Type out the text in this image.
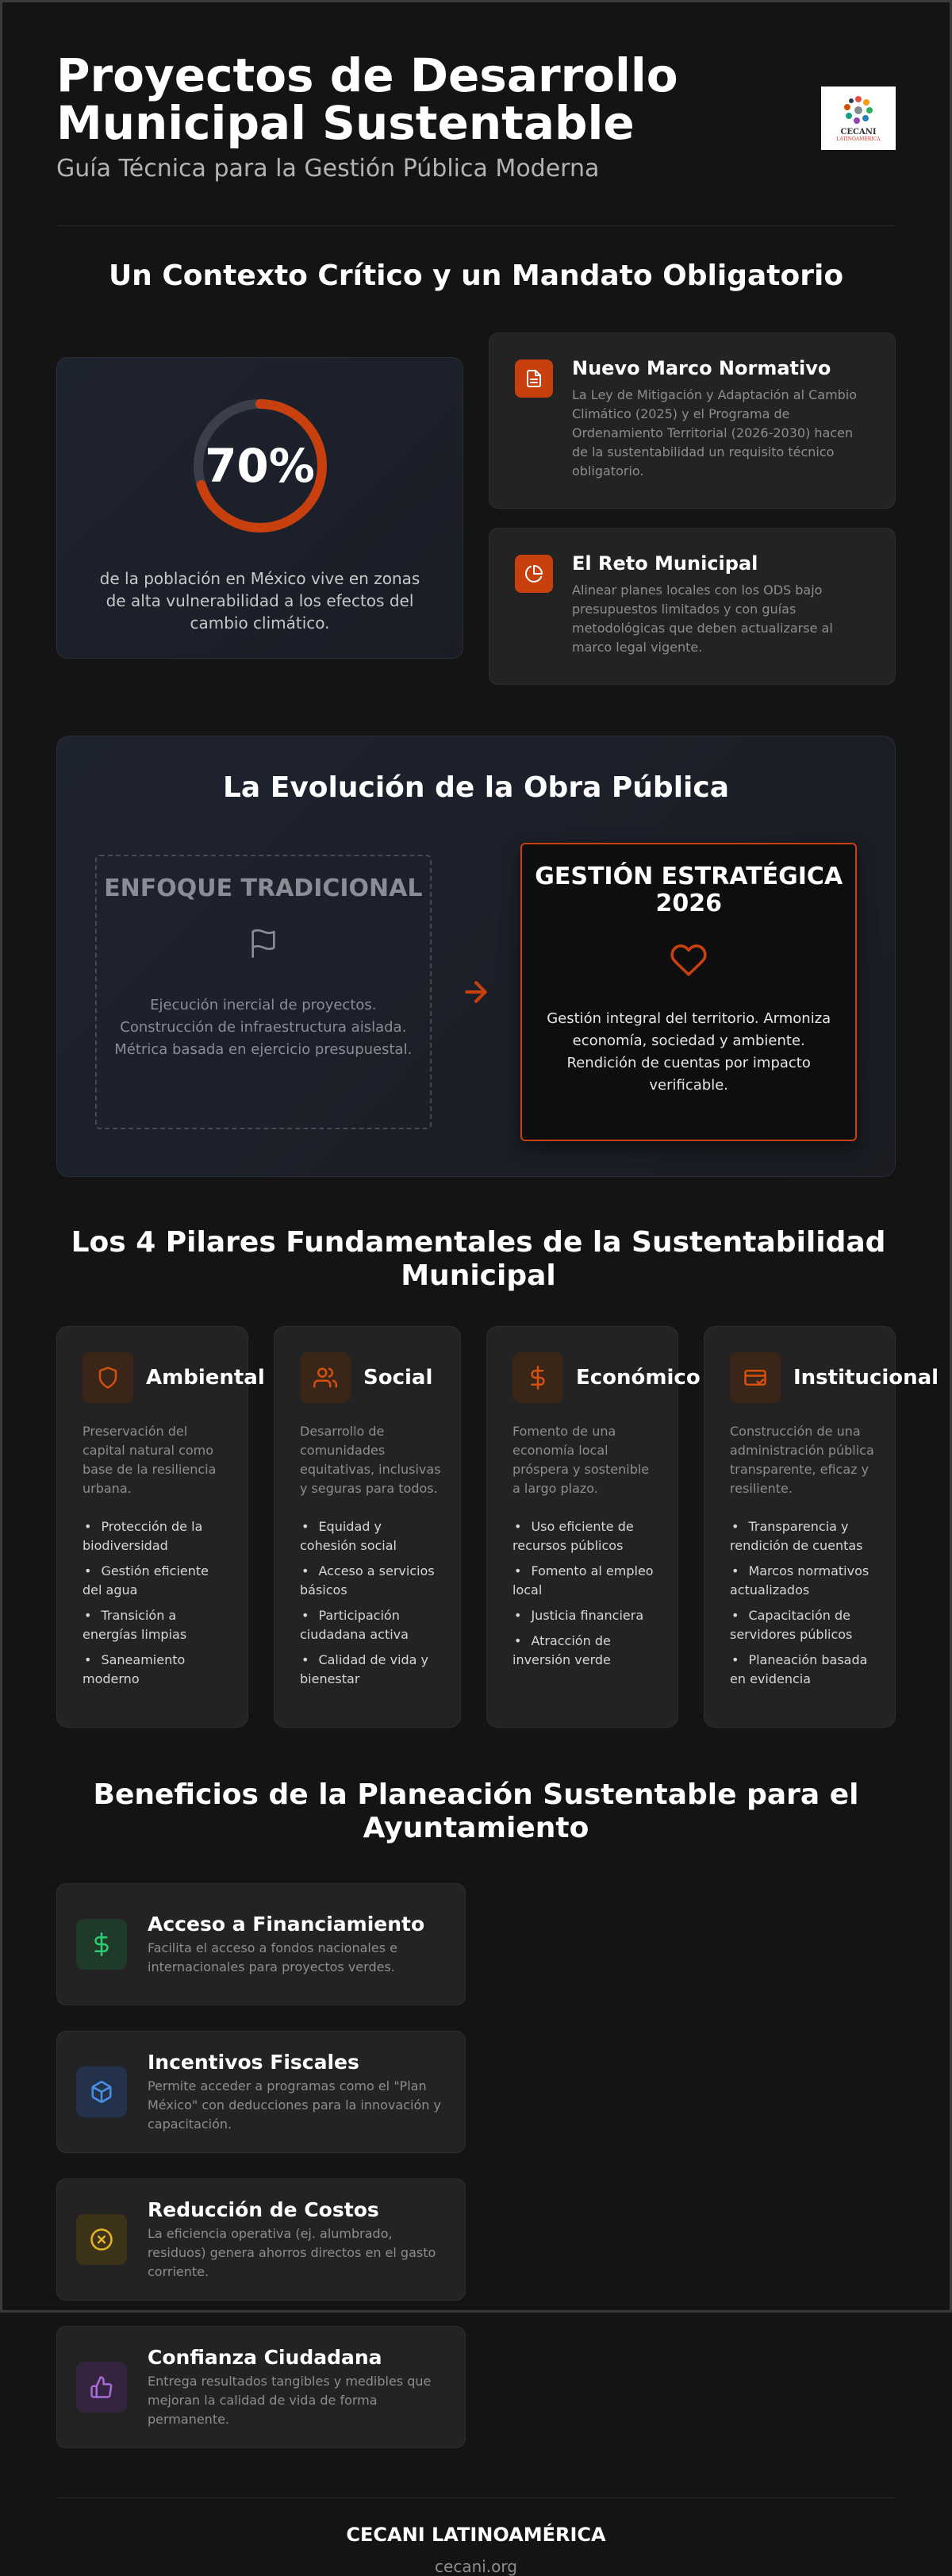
Proyectos de Desarrollo Municipal Sustentable
Guía Técnica para la Gestión Pública Moderna
CECANI
LATINOAMÉRICA
Un Contexto Crítico y un Mandato Obligatorio
70%
de la población en México vive en zonas de alta vulnerabilidad a los efectos del cambio climático.
Nuevo Marco Normativo
La Ley de Mitigación y Adaptación al Cambio Climático (2025) y el Programa de Ordenamiento Territorial (2026-2030) hacen de la sustentabilidad un requisito técnico obligatorio.
El Reto Municipal
Alinear planes locales con los ODS bajo presupuestos limitados y con guías metodológicas que deben actualizarse al marco legal vigente.
La Evolución de la Obra Pública
ENFOQUE TRADICIONAL
Ejecución inercial de proyectos. Construcción de infraestructura aislada. Métrica basada en ejercicio presupuestal.
GESTIÓN ESTRATÉGICA 2026
Gestión integral del territorio. Armoniza economía, sociedad y ambiente. Rendición de cuentas por impacto verificable.
Los 4 Pilares Fundamentales de la Sustentabilidad Municipal
Ambiental
Preservación del capital natural como base de la resiliencia urbana.
• Protección de la biodiversidad
• Gestión eficiente del agua
• Transición a energías limpias
• Saneamiento moderno
Social
Desarrollo de comunidades equitativas, inclusivas y seguras para todos.
• Equidad y cohesión social
• Acceso a servicios básicos
• Participación ciudadana activa
• Calidad de vida y bienestar
Económico
Fomento de una economía local próspera y sostenible a largo plazo.
• Uso eficiente de recursos públicos
• Fomento al empleo local
• Justicia financiera
• Atracción de inversión verde
Institucional
Construcción de una administración pública transparente, eficaz y resiliente.
• Transparencia y rendición de cuentas
• Marcos normativos actualizados
• Capacitación de servidores públicos
• Planeación basada en evidencia
Beneficios de la Planeación Sustentable para el Ayuntamiento
Acceso a Financiamiento
Facilita el acceso a fondos nacionales e internacionales para proyectos verdes.
Incentivos Fiscales
Permite acceder a programas como el "Plan México" con deducciones para la innovación y capacitación.
Reducción de Costos
La eficiencia operativa (ej. alumbrado, residuos) genera ahorros directos en el gasto corriente.
Confianza Ciudadana
Entrega resultados tangibles y medibles que mejoran la calidad de vida de forma permanente.
CECANI LATINOAMÉRICA
cecani.org
